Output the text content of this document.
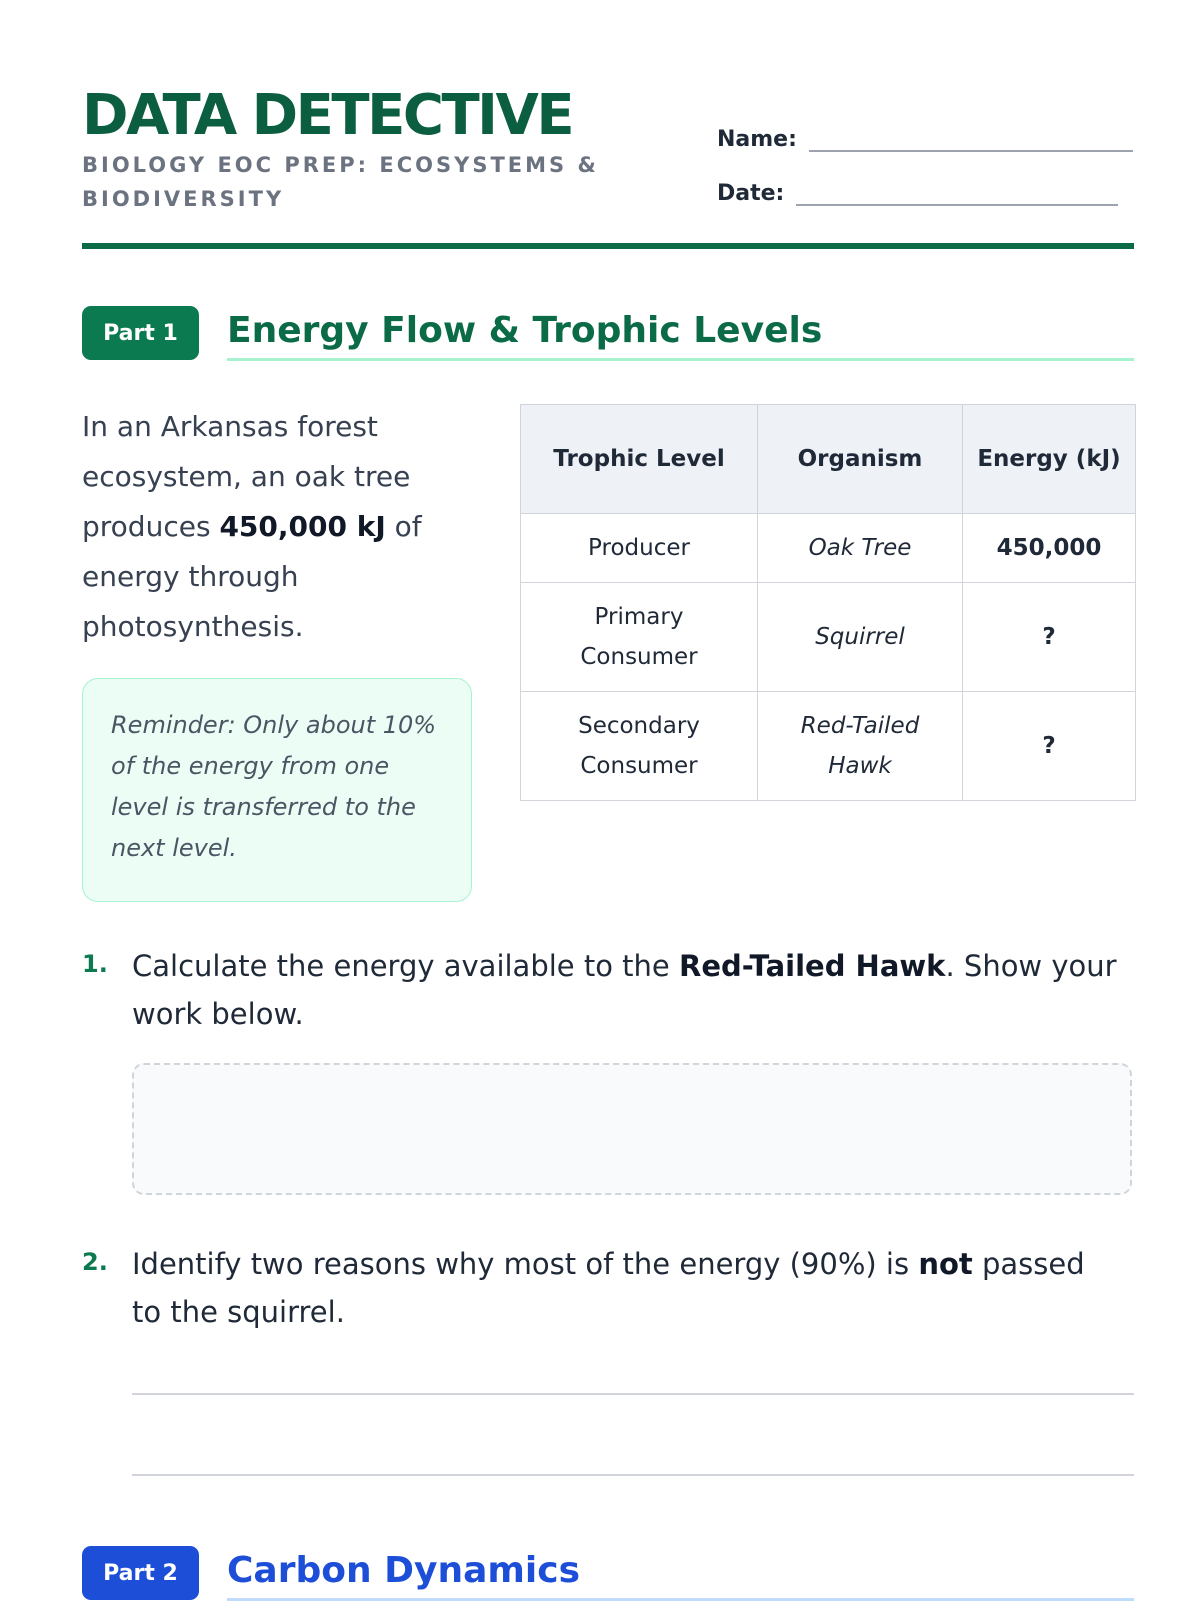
DATA DETECTIVE
BIOLOGY EOC PREP: ECOSYSTEMS & BIODIVERSITY
Name:
Date:
Part 1	Energy Flow & Trophic Levels
In an Arkansas forest ecosystem, an oak tree produces 450,000 kJ of energy through photosynthesis.
Reminder: Only about 10% of the energy from one level is transferred to the next level.
Trophic Level	Organism	Energy (kJ)
Producer	Oak Tree	450,000
Primary Consumer	Squirrel	?
Secondary Consumer	Red-Tailed Hawk	?
1. Calculate the energy available to the Red-Tailed Hawk. Show your work below.
2. Identify two reasons why most of the energy (90%) is not passed to the squirrel.
Part 2	Carbon Dynamics
